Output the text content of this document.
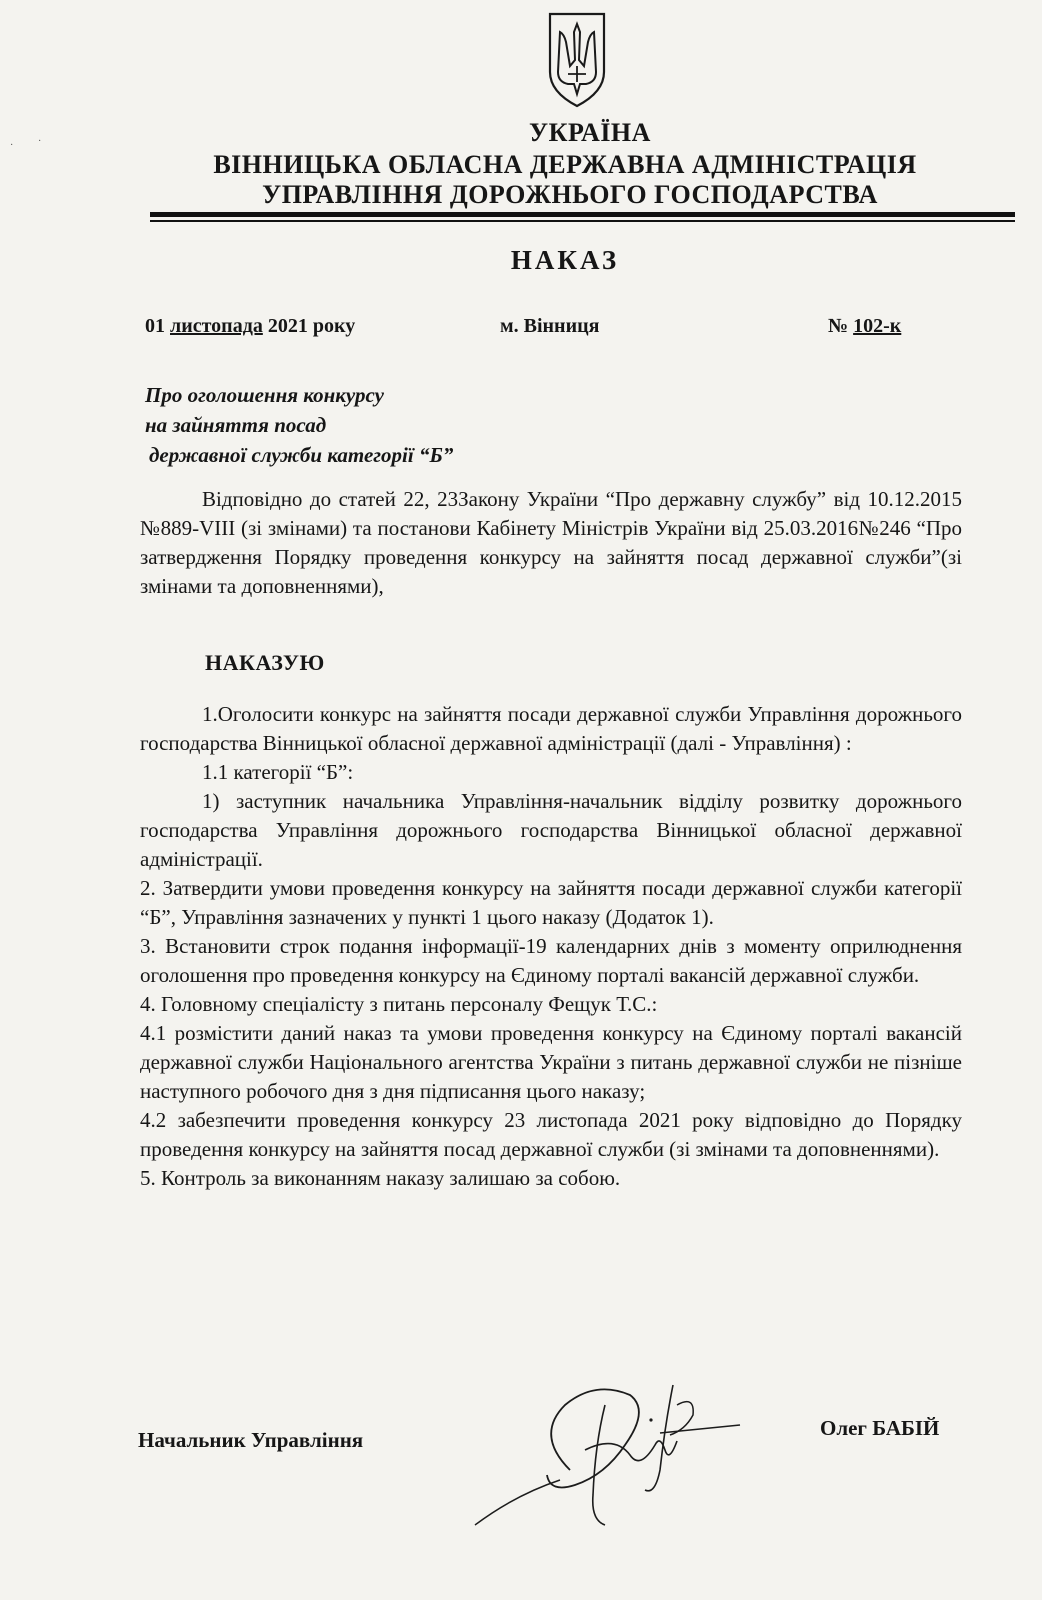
· ·	УКРАЇНА
ВІННИЦЬКА ОБЛАСНА ДЕРЖАВНА АДМІНІСТРАЦІЯ
УПРАВЛІННЯ ДОРОЖНЬОГО ГОСПОДАРСТВА
НАКАЗ
01 листопада 2021 року	м. Вінниця	№ 102-к
Про оголошення конкурсу
на зайняття посад
державної служби категорії “Б”
Відповідно до статей 22, 23Закону України “Про державну службу” від 10.12.2015 №889-VIII (зі змінами) та постанови Кабінету Міністрів України від 25.03.2016№246 “Про затвердження Порядку проведення конкурсу на зайняття посад державної служби”(зі змінами та доповненнями),
НАКАЗУЮ

1.Оголосити конкурс на зайняття посади державної служби Управління дорожнього господарства Вінницької обласної державної адміністрації (далі - Управління) :

1.1 категорії “Б”:

1) заступник начальника Управління-начальник відділу розвитку дорожнього господарства Управління дорожнього господарства Вінницької обласної державної адміністрації.

2. Затвердити умови проведення конкурсу на зайняття посади державної служби категорії “Б”, Управління зазначених у пункті 1 цього наказу (Додаток 1).

3. Встановити строк подання інформації-19 календарних днів з моменту оприлюднення оголошення про проведення конкурсу на Єдиному порталі вакансій державної служби.

4. Головному спеціалісту з питань персоналу Фещук Т.С.:

4.1 розмістити даний наказ та умови проведення конкурсу на Єдиному порталі вакансій державної служби Національного агентства України з питань державної служби не пізніше наступного робочого дня з дня підписання цього наказу;

4.2 забезпечити проведення конкурсу 23 листопада 2021 року відповідно до Порядку проведення конкурсу на зайняття посад державної служби (зі змінами та доповненнями).

5. Контроль за виконанням наказу залишаю за собою.

Начальник Управління	Олег БАБІЙ
